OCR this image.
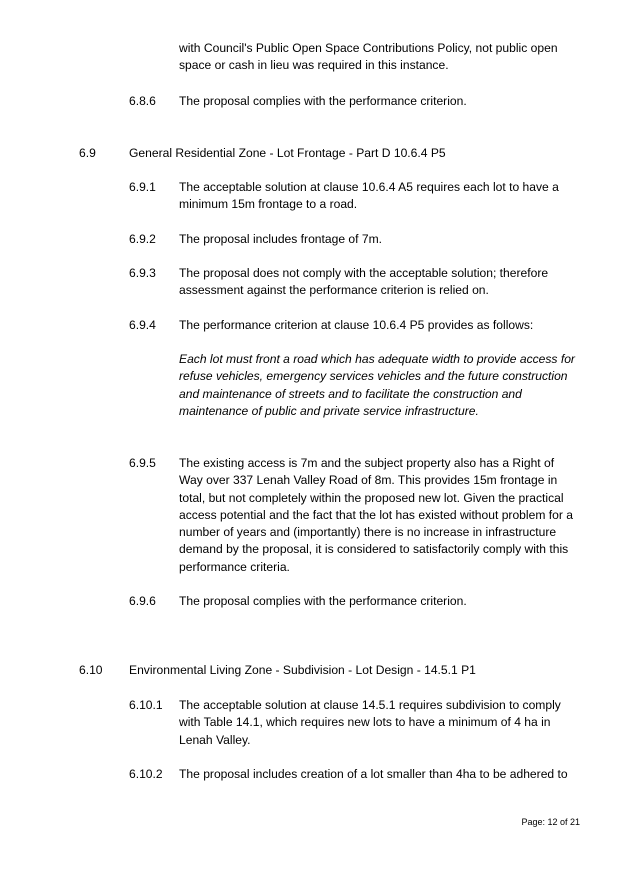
with Council's Public Open Space Contributions Policy, not public open space or cash in lieu was required in this instance.

6.8.6 The proposal complies with the performance criterion.

6.9	General Residential Zone - Lot Frontage - Part D 10.6.4 P5
6.9.1 The acceptable solution at clause 10.6.4 A5 requires each lot to have a minimum 15m frontage to a road.

6.9.2 The proposal includes frontage of 7m.

6.9.3 The proposal does not comply with the acceptable solution; therefore assessment against the performance criterion is relied on.

6.9.4 The performance criterion at clause 10.6.4 P5 provides as follows:

Each lot must front a road which has adequate width to provide access for refuse vehicles, emergency services vehicles and the future construction and maintenance of streets and to facilitate the construction and maintenance of public and private service infrastructure.

6.9.5 The existing access is 7m and the subject property also has a Right of Way over 337 Lenah Valley Road of 8m. This provides 15m frontage in total, but not completely within the proposed new lot. Given the practical access potential and the fact that the lot has existed without problem for a number of years and (importantly) there is no increase in infrastructure demand by the proposal, it is considered to satisfactorily comply with this performance criteria.

6.9.6 The proposal complies with the performance criterion.

6.10 Environmental Living Zone - Subdivision - Lot Design - 14.5.1 P1
6.10.1 The acceptable solution at clause 14.5.1 requires subdivision to comply with Table 14.1, which requires new lots to have a minimum of 4 ha in Lenah Valley.

6.10.2 The proposal includes creation of a lot smaller than 4ha to be adhered to

Page: 12 of 21
